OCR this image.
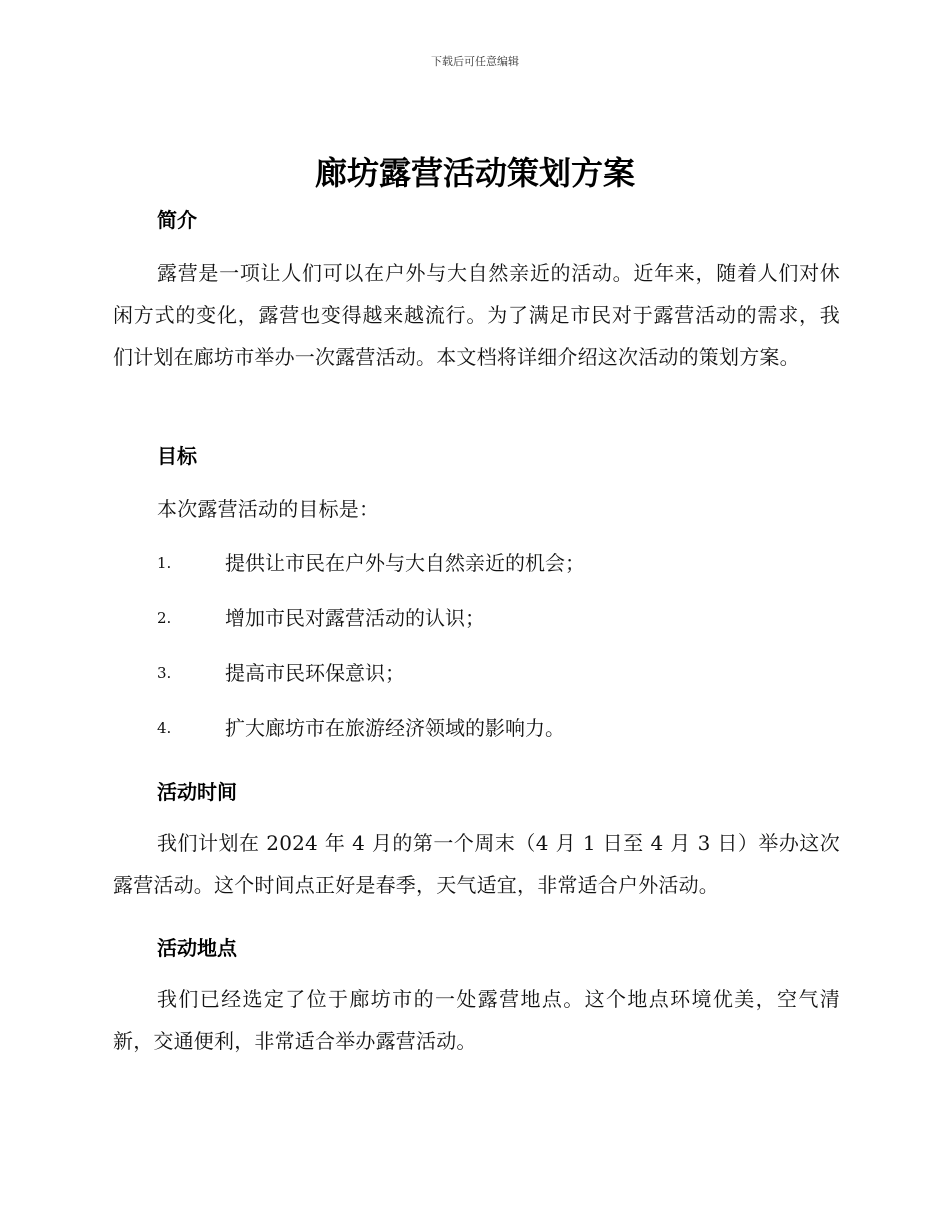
下载后可任意编辑
廊坊露营活动策划方案
简介

露营是一项让人们可以在户外与大自然亲近的活动。近年来，随着人们对休闲方式的变化，露营也变得越来越流行。为了满足市民对于露营活动的需求，我们计划在廊坊市举办一次露营活动。本文档将详细介绍这次活动的策划方案。

目标

本次露营活动的目标是：

1.	提供让市民在户外与大自然亲近的机会；
2.	增加市民对露营活动的认识；
3.	提高市民环保意识；
4.	扩大廊坊市在旅游经济领域的影响力。
活动时间

我们计划在 2024 年 4 月的第一个周末（4 月 1 日至 4 月 3 日）举办这次露营活动。这个时间点正好是春季，天气适宜，非常适合户外活动。

活动地点

我们已经选定了位于廊坊市的一处露营地点。这个地点环境优美，空气清新，交通便利，非常适合举办露营活动。
